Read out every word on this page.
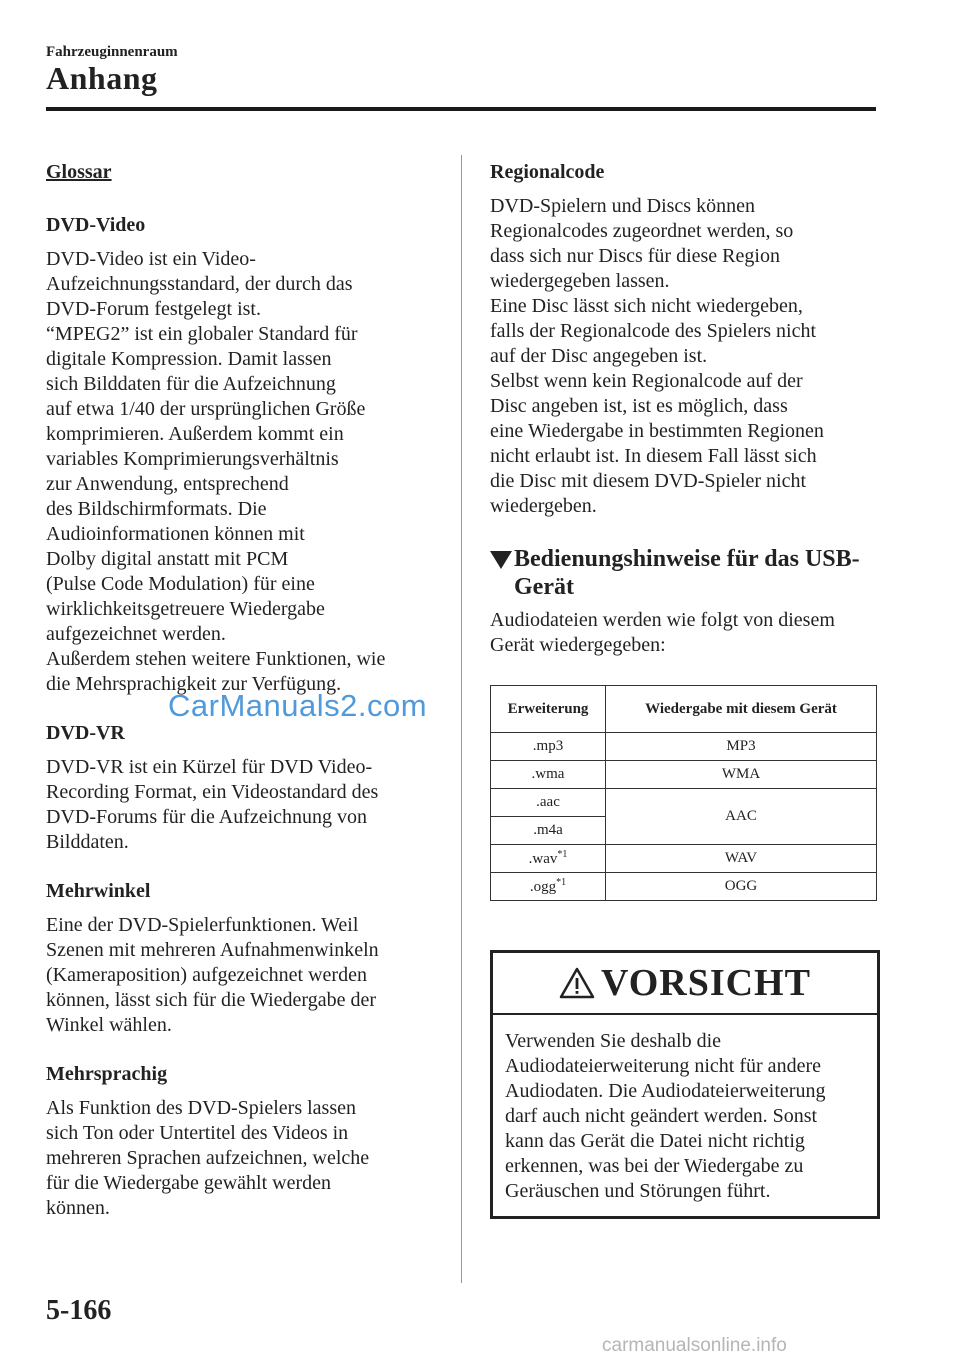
Fahrzeuginnenraum
Anhang

Glossar

DVD-Video

DVD-Video ist ein Video-
Aufzeichnungsstandard, der durch das
DVD-Forum festgelegt ist.
“MPEG2” ist ein globaler Standard für
digitale Kompression. Damit lassen
sich Bilddaten für die Aufzeichnung
auf etwa 1/40 der ursprünglichen Größe
komprimieren. Außerdem kommt ein
variables Komprimierungsverhältnis
zur Anwendung, entsprechend
des Bildschirmformats. Die
Audioinformationen können mit
Dolby digital anstatt mit PCM
(Pulse Code Modulation) für eine
wirklichkeitsgetreuere Wiedergabe
aufgezeichnet werden.
Außerdem stehen weitere Funktionen, wie
die Mehrsprachigkeit zur Verfügung.

DVD-VR

DVD-VR ist ein Kürzel für DVD Video-
Recording Format, ein Videostandard des
DVD-Forums für die Aufzeichnung von
Bilddaten.

Mehrwinkel

Eine der DVD-Spielerfunktionen. Weil
Szenen mit mehreren Aufnahmenwinkeln
(Kameraposition) aufgezeichnet werden
können, lässt sich für die Wiedergabe der
Winkel wählen.

Mehrsprachig

Als Funktion des DVD-Spielers lassen
sich Ton oder Untertitel des Videos in
mehreren Sprachen aufzeichnen, welche
für die Wiedergabe gewählt werden
können.

Regionalcode

DVD-Spielern und Discs können
Regionalcodes zugeordnet werden, so
dass sich nur Discs für diese Region
wiedergegeben lassen.
Eine Disc lässt sich nicht wiedergeben,
falls der Regionalcode des Spielers nicht
auf der Disc angegeben ist.
Selbst wenn kein Regionalcode auf der
Disc angeben ist, ist es möglich, dass
eine Wiedergabe in bestimmten Regionen
nicht erlaubt ist. In diesem Fall lässt sich
die Disc mit diesem DVD-Spieler nicht
wiedergeben.

Bedienungshinweise für das USB-
Gerät
Audiodateien werden wie folgt von diesem
Gerät wiedergegeben:
Erweiterung	Wiedergabe mit diesem Gerät
.mp3	MP3
.wma	WMA
.aac	AAC
.m4a	
.wav$^{*1}$	WAV
.ogg$^{*1}$	OGG
VORSICHT

Verwenden Sie deshalb die
Audiodateierweiterung nicht für andere
Audiodaten. Die Audiodateierweiterung
darf auch nicht geändert werden. Sonst
kann das Gerät die Datei nicht richtig
erkennen, was bei der Wiedergabe zu
Geräuschen und Störungen führt.

5-166
CarManuals2.com
carmanualsonline.info
